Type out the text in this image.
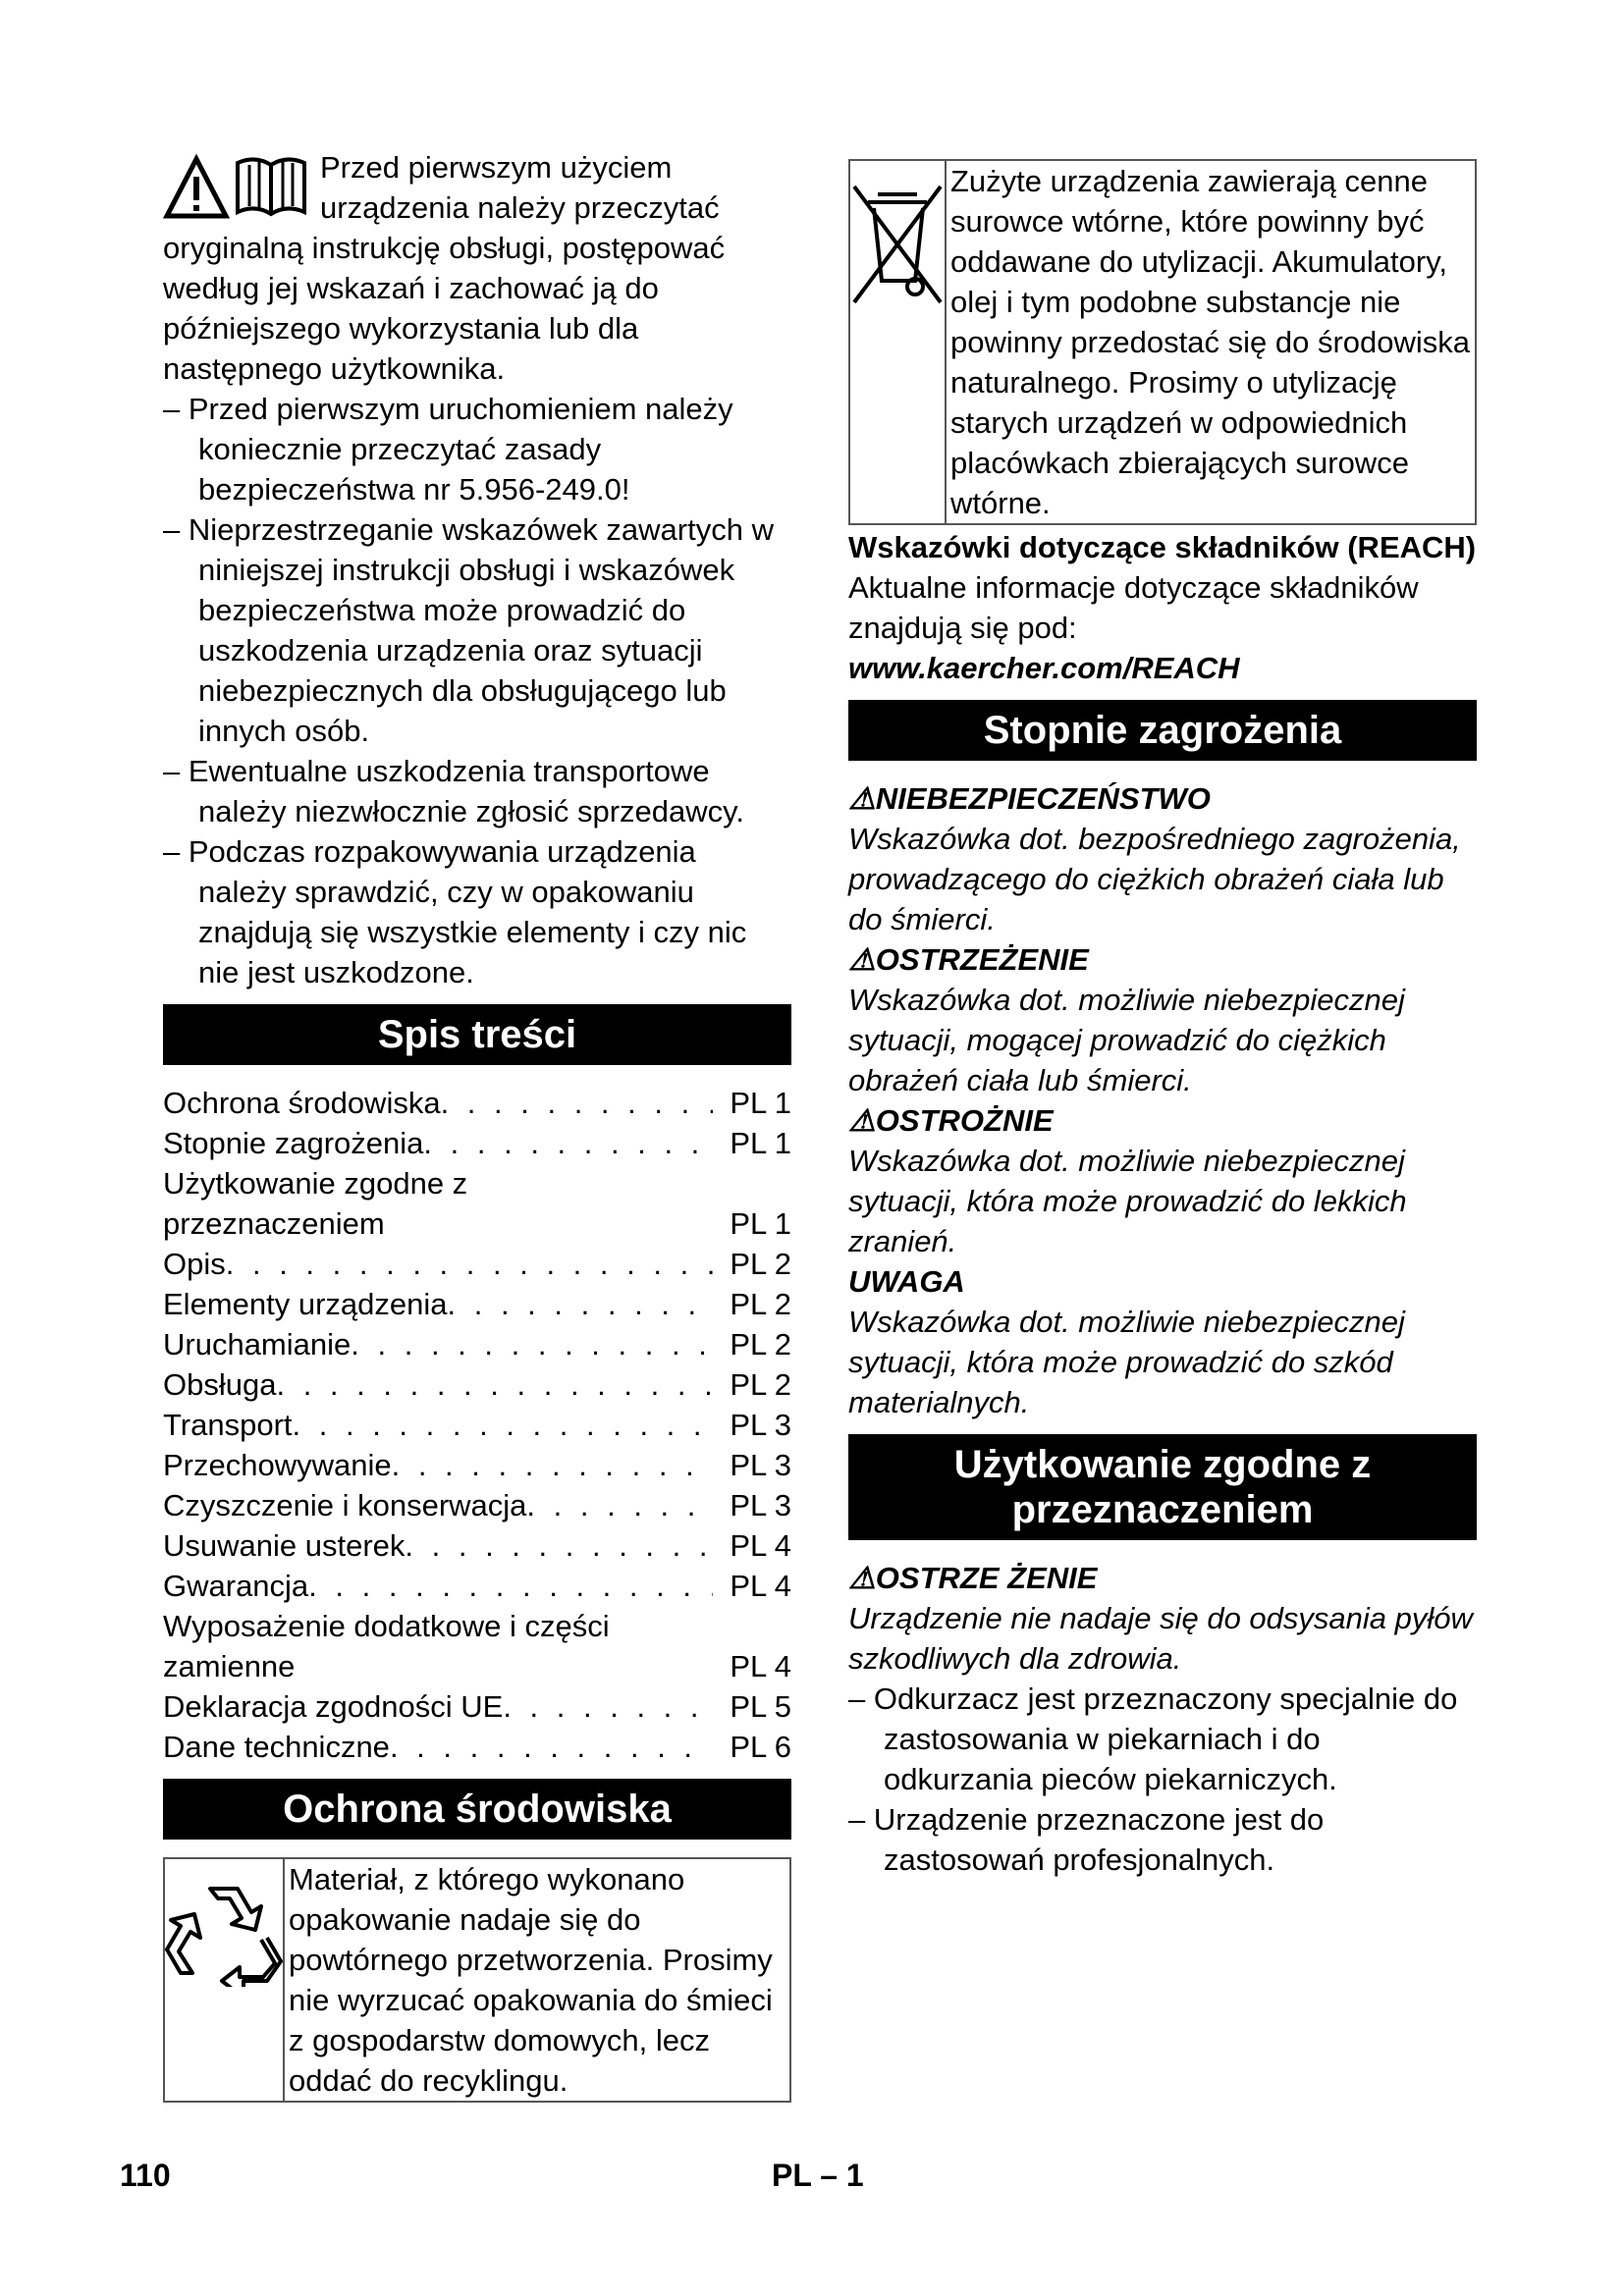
Przed pierwszym użyciem urządzenia należy przeczytać oryginalną instrukcję obsługi, postępować według jej wskazań i zachować ją do późniejszego wykorzystania lub dla następnego użytkownika.

– Przed pierwszym uruchomieniem należy koniecznie przeczytać zasady bezpieczeństwa nr 5.956-249.0!

– Nieprzestrzeganie wskazówek zawartych w niniejszej instrukcji obsługi i wskazówek bezpieczeństwa może prowadzić do uszkodzenia urządzenia oraz sytuacji niebezpiecznych dla obsługującego lub innych osób.

– Ewentualne uszkodzenia transportowe należy niezwłocznie zgłosić sprzedawcy.

– Podczas rozpakowywania urządzenia należy sprawdzić, czy w opakowaniu znajdują się wszystkie elementy i czy nic nie jest uszkodzone.

Spis treści
Ochrona środowiska . . .	PL 1
Stopnie zagrożenia . . .	PL 1
Użytkowanie zgodne z przeznaczeniem	PL 1
Opis . . .	PL 2
Elementy urządzenia . . .	PL 2
Uruchamianie . . .	PL 2
Obsługa . . .	PL 2
Transport . . .	PL 3
Przechowywanie . . .	PL 3
Czyszczenie i konserwacja . . .	PL 3
Usuwanie usterek . . .	PL 4
Gwarancja . . .	PL 4
Wyposażenie dodatkowe i części zamienne	PL 4
Deklaracja zgodności UE . . .	PL 5
Dane techniczne . . .	PL 6
Ochrona środowiska
Materiał, z którego wykonano opakowanie nadaje się do powtórnego przetworzenia. Prosimy nie wyrzucać opakowania do śmieci z gospodarstw domowych, lecz oddać do recyklingu.
Zużyte urządzenia zawierają cenne surowce wtórne, które powinny być oddawane do utylizacji. Akumulatory, olej i tym podobne substancje nie powinny przedostać się do środowiska naturalnego. Prosimy o utylizację starych urządzeń w odpowiednich placówkach zbierających surowce wtórne.

Wskazówki dotyczące składników (REACH)

Aktualne informacje dotyczące składników znajdują się pod:

www.kaercher.com/REACH

Stopnie zagrożenia

⚠NIEBEZPIECZEŃSTWO

Wskazówka dot. bezpośredniego zagrożenia, prowadzącego do ciężkich obrażeń ciała lub do śmierci.

⚠OSTRZEŻENIE

Wskazówka dot. możliwie niebezpiecznej sytuacji, mogącej prowadzić do ciężkich obrażeń ciała lub śmierci.

⚠OSTROŻNIE

Wskazówka dot. możliwie niebezpiecznej sytuacji, która może prowadzić do lekkich zranień.

UWAGA

Wskazówka dot. możliwie niebezpiecznej sytuacji, która może prowadzić do szkód materialnych.

Użytkowanie zgodne z przeznaczeniem

⚠OSTRZE ŻENIE

Urządzenie nie nadaje się do odsysania pyłów szkodliwych dla zdrowia.

– Odkurzacz jest przeznaczony specjalnie do zastosowania w piekarniach i do odkurzania pieców piekarniczych.

– Urządzenie przeznaczone jest do zastosowań profesjonalnych.

110	PL – 1
